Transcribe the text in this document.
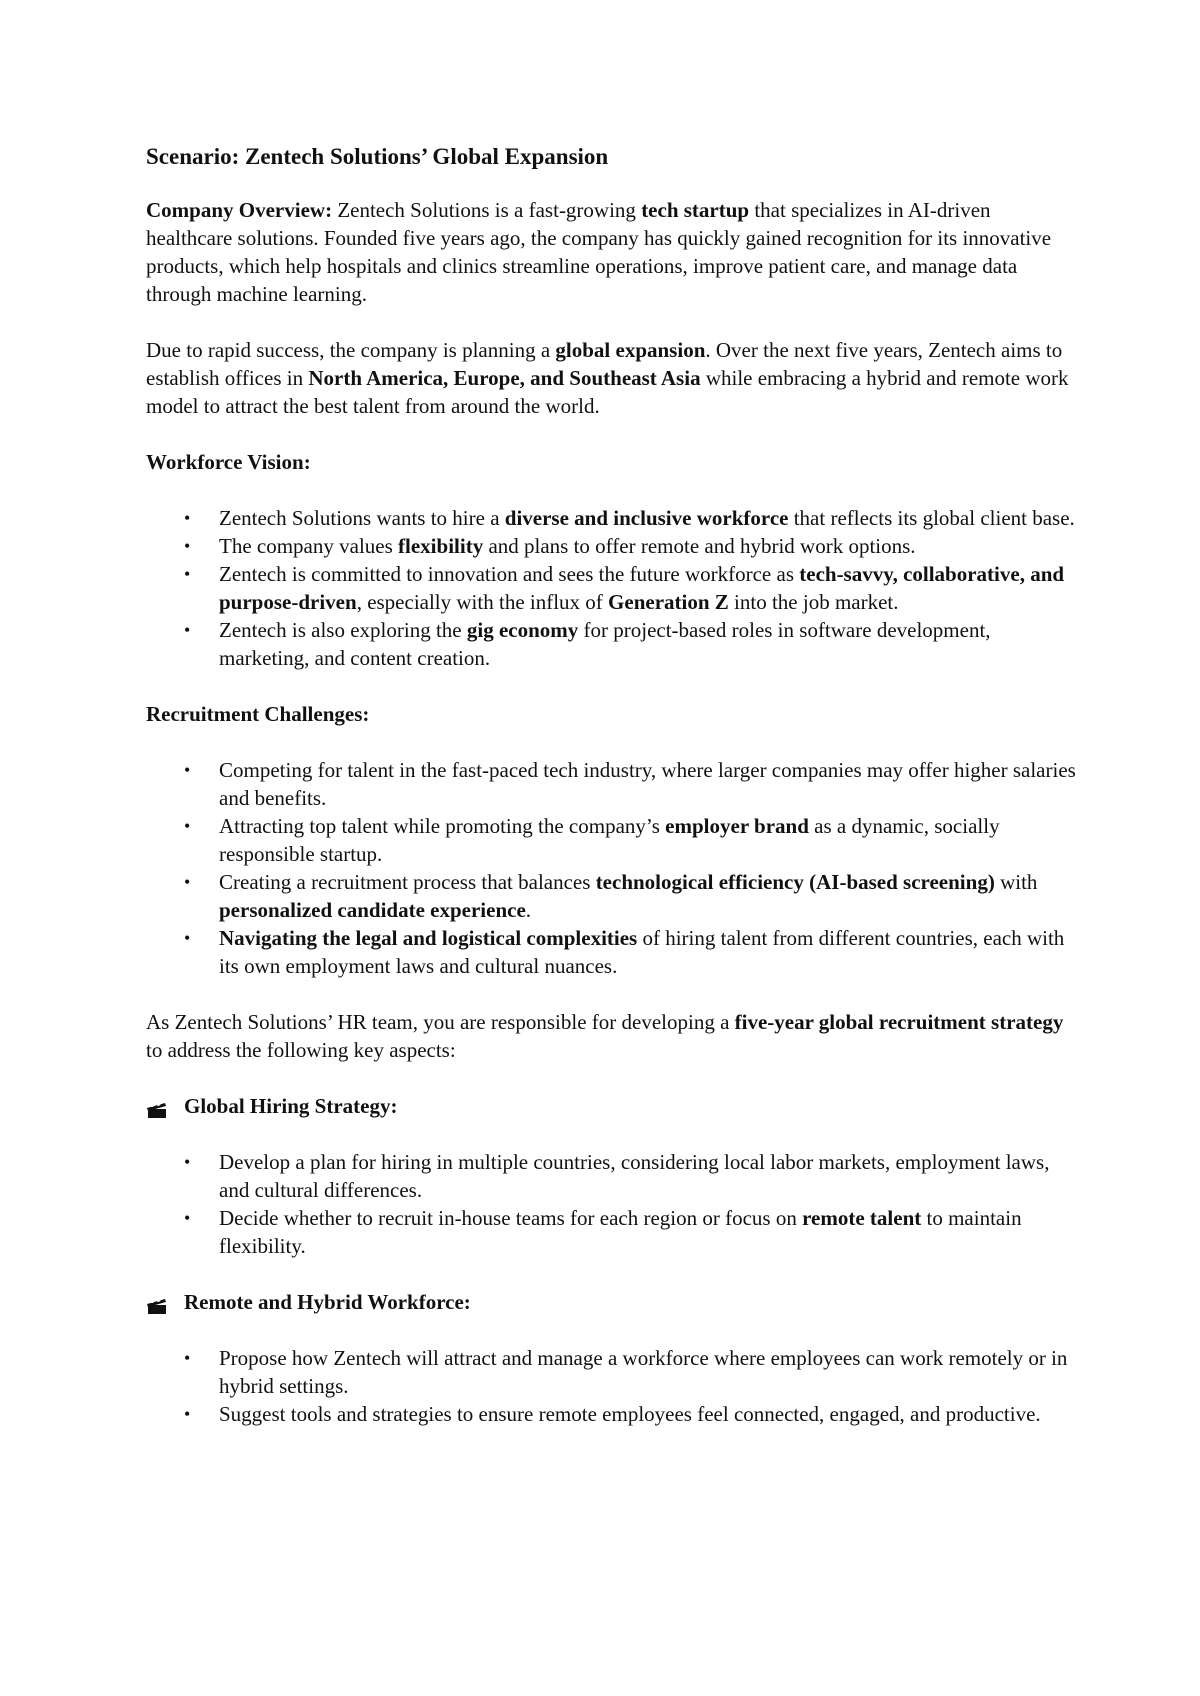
Scenario: Zentech Solutions’ Global Expansion

Company Overview: Zentech Solutions is a fast-growing tech startup that specializes in AI-driven healthcare solutions. Founded five years ago, the company has quickly gained recognition for its innovative products, which help hospitals and clinics streamline operations, improve patient care, and manage data through machine learning.

Due to rapid success, the company is planning a global expansion. Over the next five years, Zentech aims to establish offices in North America, Europe, and Southeast Asia while embracing a hybrid and remote work model to attract the best talent from around the world.

Workforce Vision:
• Zentech Solutions wants to hire a diverse and inclusive workforce that reflects its global client base.
• The company values flexibility and plans to offer remote and hybrid work options.
• Zentech is committed to innovation and sees the future workforce as tech-savvy, collaborative, and purpose-driven, especially with the influx of Generation Z into the job market.
• Zentech is also exploring the gig economy for project-based roles in software development, marketing, and content creation.
Recruitment Challenges:
• Competing for talent in the fast-paced tech industry, where larger companies may offer higher salaries and benefits.
• Attracting top talent while promoting the company’s employer brand as a dynamic, socially responsible startup.
• Creating a recruitment process that balances technological efficiency (AI-based screening) with personalized candidate experience.
• Navigating the legal and logistical complexities of hiring talent from different countries, each with its own employment laws and cultural nuances.

As Zentech Solutions’ HR team, you are responsible for developing a five-year global recruitment strategy to address the following key aspects:

Global Hiring Strategy:
• Develop a plan for hiring in multiple countries, considering local labor markets, employment laws, and cultural differences.
• Decide whether to recruit in-house teams for each region or focus on remote talent to maintain flexibility.
Remote and Hybrid Workforce:
• Propose how Zentech will attract and manage a workforce where employees can work remotely or in hybrid settings.
• Suggest tools and strategies to ensure remote employees feel connected, engaged, and productive.
